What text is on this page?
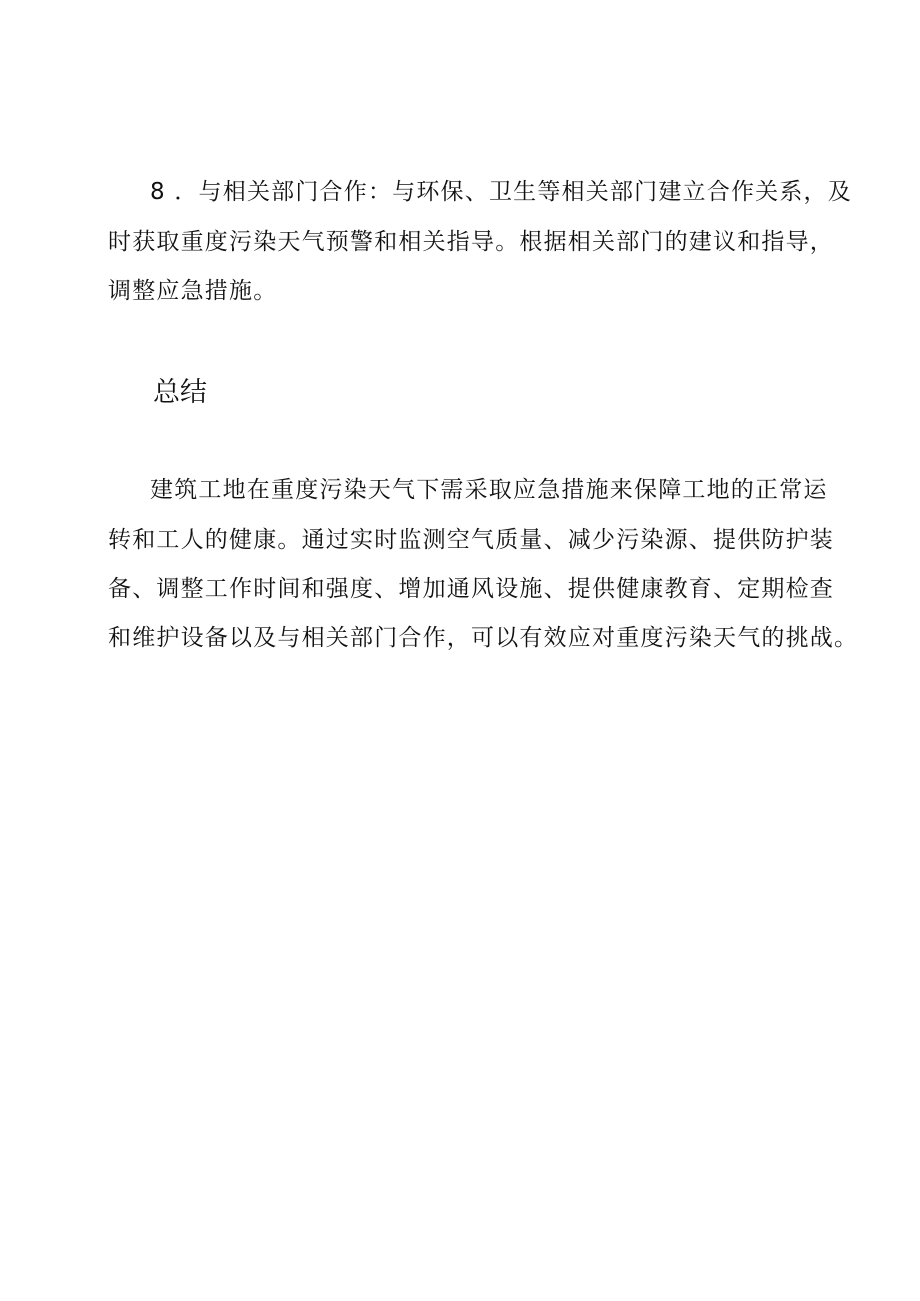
8 ．与相关部门合作：与环保、卫生等相关部门建立合作关系，及
时获取重度污染天气预警和相关指导。根据相关部门的建议和指导，
调整应急措施。
总结
建筑工地在重度污染天气下需采取应急措施来保障工地的正常运
转和工人的健康。通过实时监测空气质量、减少污染源、提供防护装
备、调整工作时间和强度、增加通风设施、提供健康教育、定期检查
和维护设备以及与相关部门合作，可以有效应对重度污染天气的挑战。
